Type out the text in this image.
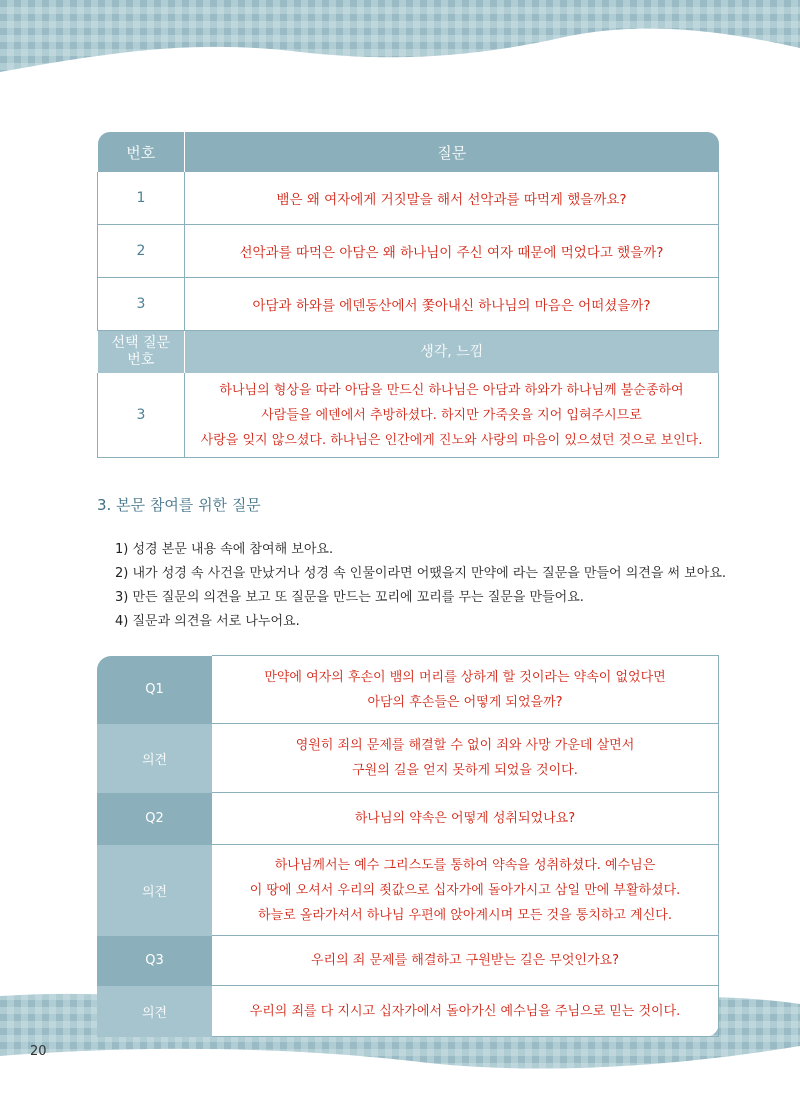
번호	질문
1	뱀은 왜 여자에게 거짓말을 해서 선악과를 따먹게 했을까요?
2	선악과를 따먹은 아담은 왜 하나님이 주신 여자 때문에 먹었다고 했을까?
3	아담과 하와를 에덴동산에서 쫓아내신 하나님의 마음은 어떠셨을까?
선택 질문
번호	생각, 느낌
3	하나님의 형상을 따라 아담을 만드신 하나님은 아담과 하와가 하나님께 불순종하여
사람들을 에덴에서 추방하셨다. 하지만 가죽옷을 지어 입혀주시므로
사랑을 잊지 않으셨다. 하나님은 인간에게 진노와 사랑의 마음이 있으셨던 것으로 보인다.
3. 본문 참여를 위한 질문
1) 성경 본문 내용 속에 참여해 보아요.
2) 내가 성경 속 사건을 만났거나 성경 속 인물이라면 어땠을지 만약에 라는 질문을 만들어 의견을 써 보아요.
3) 만든 질문의 의견을 보고 또 질문을 만드는 꼬리에 꼬리를 무는 질문을 만들어요.
4) 질문과 의견을 서로 나누어요.
Q1	만약에 여자의 후손이 뱀의 머리를 상하게 할 것이라는 약속이 없었다면
아담의 후손들은 어떻게 되었을까?
의견	영원히 죄의 문제를 해결할 수 없이 죄와 사망 가운데 살면서
구원의 길을 얻지 못하게 되었을 것이다.
Q2	하나님의 약속은 어떻게 성취되었나요?
의견	하나님께서는 예수 그리스도를 통하여 약속을 성취하셨다. 예수님은
이 땅에 오셔서 우리의 죗값으로 십자가에 돌아가시고 삼일 만에 부활하셨다.
하늘로 올라가셔서 하나님 우편에 앉아계시며 모든 것을 통치하고 계신다.
Q3	우리의 죄 문제를 해결하고 구원받는 길은 무엇인가요?
의견	우리의 죄를 다 지시고 십자가에서 돌아가신 예수님을 주님으로 믿는 것이다.
20
